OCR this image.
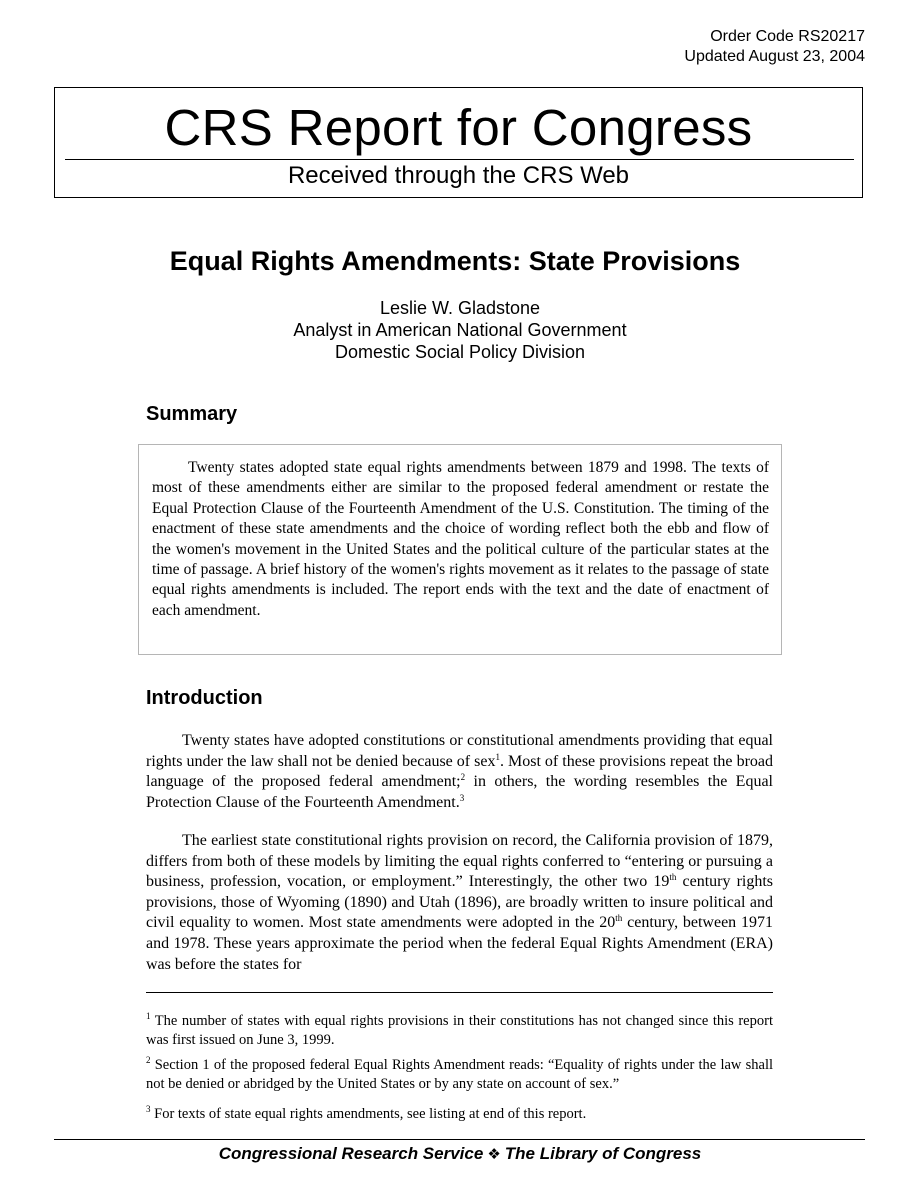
Order Code RS20217
Updated August 23, 2004
CRS Report for Congress
Received through the CRS Web
Equal Rights Amendments: State Provisions
Leslie W. Gladstone
Analyst in American National Government
Domestic Social Policy Division
Summary

Twenty states adopted state equal rights amendments between 1879 and 1998. The texts of most of these amendments either are similar to the proposed federal amendment or restate the Equal Protection Clause of the Fourteenth Amendment of the U.S. Constitution. The timing of the enactment of these state amendments and the choice of wording reflect both the ebb and flow of the women's movement in the United States and the political culture of the particular states at the time of passage. A brief history of the women's rights movement as it relates to the passage of state equal rights amendments is included. The report ends with the text and the date of enactment of each amendment.

Introduction

Twenty states have adopted constitutions or constitutional amendments providing that equal rights under the law shall not be denied because of sex$^1$. Most of these provisions repeat the broad language of the proposed federal amendment;$^2$ in others, the wording resembles the Equal Protection Clause of the Fourteenth Amendment.$^3$

The earliest state constitutional rights provision on record, the California provision of 1879, differs from both of these models by limiting the equal rights conferred to “entering or pursuing a business, profession, vocation, or employment.” Interestingly, the other two 19th century rights provisions, those of Wyoming (1890) and Utah (1896), are broadly written to insure political and civil equality to women. Most state amendments were adopted in the 20th century, between 1971 and 1978. These years approximate the period when the federal Equal Rights Amendment (ERA) was before the states for

$^1$ The number of states with equal rights provisions in their constitutions has not changed since this report was first issued on June 3, 1999.

$^2$ Section 1 of the proposed federal Equal Rights Amendment reads: “Equality of rights under the law shall not be denied or abridged by the United States or by any state on account of sex.”

$^3$ For texts of state equal rights amendments, see listing at end of this report.

Congressional Research Service ❖ The Library of Congress
